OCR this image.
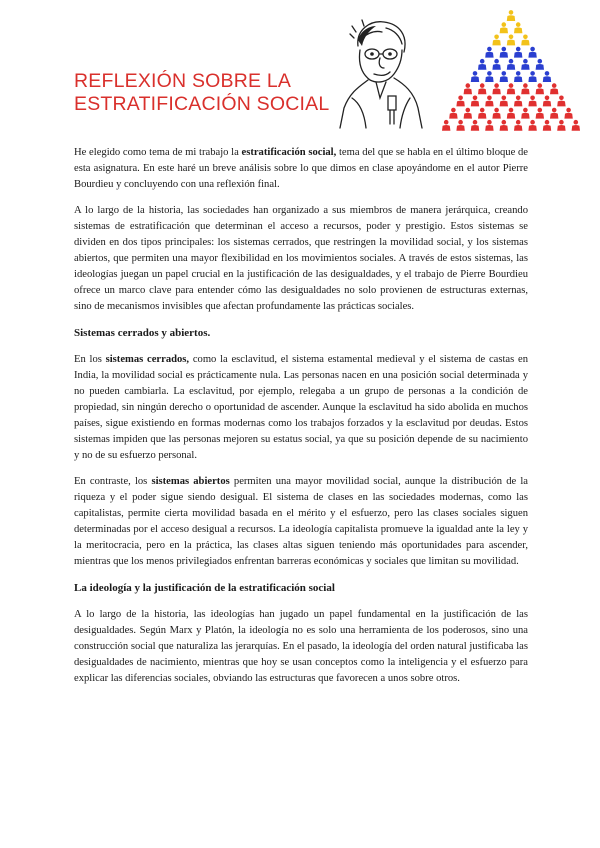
REFLEXIÓN SOBRE LA
ESTRATIFICACIÓN SOCIAL

He elegido como tema de mi trabajo la estratificación social, tema del que se habla en el último bloque de esta asignatura. En este haré un breve análisis sobre lo que dimos en clase apoyándome en el autor Pierre Bourdieu y concluyendo con una reflexión final.

A lo largo de la historia, las sociedades han organizado a sus miembros de manera jerárquica, creando sistemas de estratificación que determinan el acceso a recursos, poder y prestigio. Estos sistemas se dividen en dos tipos principales: los sistemas cerrados, que restringen la movilidad social, y los sistemas abiertos, que permiten una mayor flexibilidad en los movimientos sociales. A través de estos sistemas, las ideologías juegan un papel crucial en la justificación de las desigualdades, y el trabajo de Pierre Bourdieu ofrece un marco clave para entender cómo las desigualdades no solo provienen de estructuras externas, sino de mecanismos invisibles que afectan profundamente las prácticas sociales.

Sistemas cerrados y abiertos.

En los sistemas cerrados, como la esclavitud, el sistema estamental medieval y el sistema de castas en India, la movilidad social es prácticamente nula. Las personas nacen en una posición social determinada y no pueden cambiarla. La esclavitud, por ejemplo, relegaba a un grupo de personas a la condición de propiedad, sin ningún derecho o oportunidad de ascender. Aunque la esclavitud ha sido abolida en muchos países, sigue existiendo en formas modernas como los trabajos forzados y la esclavitud por deudas. Estos sistemas impiden que las personas mejoren su estatus social, ya que su posición depende de su nacimiento y no de su esfuerzo personal.

En contraste, los sistemas abiertos permiten una mayor movilidad social, aunque la distribución de la riqueza y el poder sigue siendo desigual. El sistema de clases en las sociedades modernas, como las capitalistas, permite cierta movilidad basada en el mérito y el esfuerzo, pero las clases sociales siguen determinadas por el acceso desigual a recursos. La ideología capitalista promueve la igualdad ante la ley y la meritocracia, pero en la práctica, las clases altas siguen teniendo más oportunidades para ascender, mientras que los menos privilegiados enfrentan barreras económicas y sociales que limitan su movilidad.

La ideología y la justificación de la estratificación social

A lo largo de la historia, las ideologías han jugado un papel fundamental en la justificación de las desigualdades. Según Marx y Platón, la ideología no es solo una herramienta de los poderosos, sino una construcción social que naturaliza las jerarquías. En el pasado, la ideología del orden natural justificaba las desigualdades de nacimiento, mientras que hoy se usan conceptos como la inteligencia y el esfuerzo para explicar las diferencias sociales, obviando las estructuras que favorecen a unos sobre otros.
